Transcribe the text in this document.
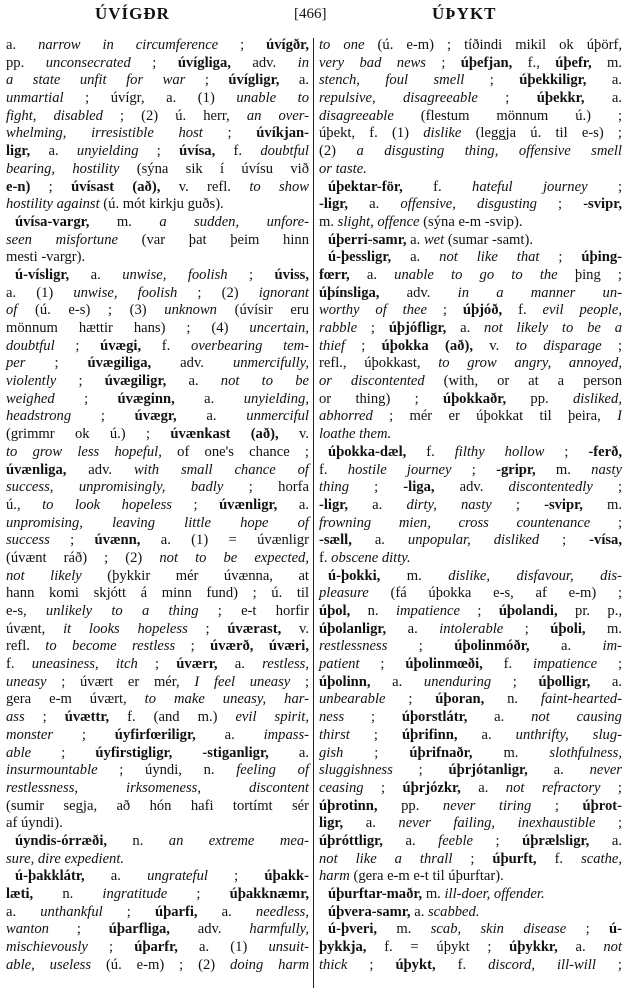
ÚVÍGÐR	[466]	ÚÞYKT
a. narrow in circumference ; úvígðr,
pp. unconsecrated ; úvígliga, adv. in
a state unfit for war ; úvígligr, a.
unmartial ; úvígr, a. (1) unable to
fight, disabled ; (2) ú. herr, an over-
whelming, irresistible host ; úvíkjan-
ligr, a. unyielding ; úvísa, f. doubtful
bearing, hostility (sýna sik í úvísu við
e-n) ; úvísast (að), v. refl. to show
hostility against (ú. mót kirkju guðs).
úvísa-vargr, m. a sudden, unfore-
seen misfortune (var þat þeim hinn
mesti -vargr).
ú-vísligr, a. unwise, foolish ; úviss,
a. (1) unwise, foolish ; (2) ignorant
of (ú. e-s) ; (3) unknown (úvísir eru
mönnum hættir hans) ; (4) uncertain,
doubtful ; úvægi, f. overbearing tem-
per ; úvægiliga, adv. unmercifully,
violently ; úvægiligr, a. not to be
weighed ; úvæginn, a. unyielding,
headstrong ; úvægr, a. unmerciful
(grimmr ok ú.) ; úvænkast (að), v.
to grow less hopeful, of one's chance ;
úvænliga, adv. with small chance of
success, unpromisingly, badly ; horfa
ú., to look hopeless ; úvænligr, a.
unpromising, leaving little hope of
success ; úvænn, a. (1) = úvænligr
(úvænt ráð) ; (2) not to be expected,
not likely (þykkir mér úvænna, at
hann komi skjótt á minn fund) ; ú. til
e-s, unlikely to a thing ; e-t horfir
úvænt, it looks hopeless ; úværast, v.
refl. to become restless ; úværð, úværi,
f. uneasiness, itch ; úværr, a. restless,
uneasy ; úvært er mér, I feel uneasy ;
gera e-m úvært, to make uneasy, har-
ass ; úvættr, f. (and m.) evil spirit,
monster ; úyfirfœriligr, a. impass-
able ; úyfirstigligr, -stiganligr, a.
insurmountable ; úyndi, n. feeling of
restlessness, irksomeness, discontent
(sumir segja, að hón hafi tortímt sér
af úyndi).
úyndis-órræði, n. an extreme mea-
sure, dire expedient.
ú-þakklátr, a. ungrateful ; úþakk-
læti, n. ingratitude ; úþakknæmr,
a. unthankful ; úþarfi, a. needless,
wanton ; úþarfliga, adv. harmfully,
mischievously ; úþarfr, a. (1) unsuit-
able, useless (ú. e-m) ; (2) doing harm
to one (ú. e-m) ; tíðindi mikil ok úþörf,
very bad news ; úþefjan, f., úþefr, m.
stench, foul smell ; úþekkiligr, a.
repulsive, disagreeable ; úþekkr, a.
disagreeable (flestum mönnum ú.) ;
úþekt, f. (1) dislike (leggja ú. til e-s) ;
(2) a disgusting thing, offensive smell
or taste.
úþektar-för, f. hateful journey ;
-ligr, a. offensive, disgusting ; -svipr,
m. slight, offence (sýna e-m -svip).
úþerri-samr, a. wet (sumar -samt).
ú-þessligr, a. not like that ; úþing-
fœrr, a. unable to go to the þing ;
úþínsliga, adv. in a manner un-
worthy of thee ; úþjóð, f. evil people,
rabble ; úþjófligr, a. not likely to be a
thief ; úþokka (að), v. to disparage ;
refl., úþokkast, to grow angry, annoyed,
or discontented (with, or at a person
or thing) ; úþokkaðr, pp. disliked,
abhorred ; mér er úþokkat til þeira, I
loathe them.
úþokka-dæl, f. filthy hollow ; -ferð,
f. hostile journey ; -gripr, m. nasty
thing ; -liga, adv. discontentedly ;
-ligr, a. dirty, nasty ; -svipr, m.
frowning mien, cross countenance ;
-sæll, a. unpopular, disliked ; -vísa,
f. obscene ditty.
ú-þokki, m. dislike, disfavour, dis-
pleasure (fá úþokka e-s, af e-m) ;
úþol, n. impatience ; úþolandi, pr. p.,
úþolanligr, a. intolerable ; úþoli, m.
restlessness ; úþolinmóðr, a. im-
patient ; úþolinmœði, f. impatience ;
úþolinn, a. unenduring ; úþolligr, a.
unbearable ; úþoran, n. faint-hearted-
ness ; úþorstlátr, a. not causing
thirst ; úþrifinn, a. unthrifty, slug-
gish ; úþrifnaðr, m. slothfulness,
sluggishness ; úþrjótanligr, a. never
ceasing ; úþrjózkr, a. not refractory ;
úþrotinn, pp. never tiring ; úþrot-
ligr, a. never failing, inexhaustible ;
úþróttligr, a. feeble ; úþrælsligr, a.
not like a thrall ; úþurft, f. scathe,
harm (gera e-m e-t til úþurftar).
úþurftar-maðr, m. ill-doer, offender.
úþvera-samr, a. scabbed.
ú-þveri, m. scab, skin disease ; ú-
þykkja, f. = úþykt ; úþykkr, a. not
thick ; úþykt, f. discord, ill-will ;
